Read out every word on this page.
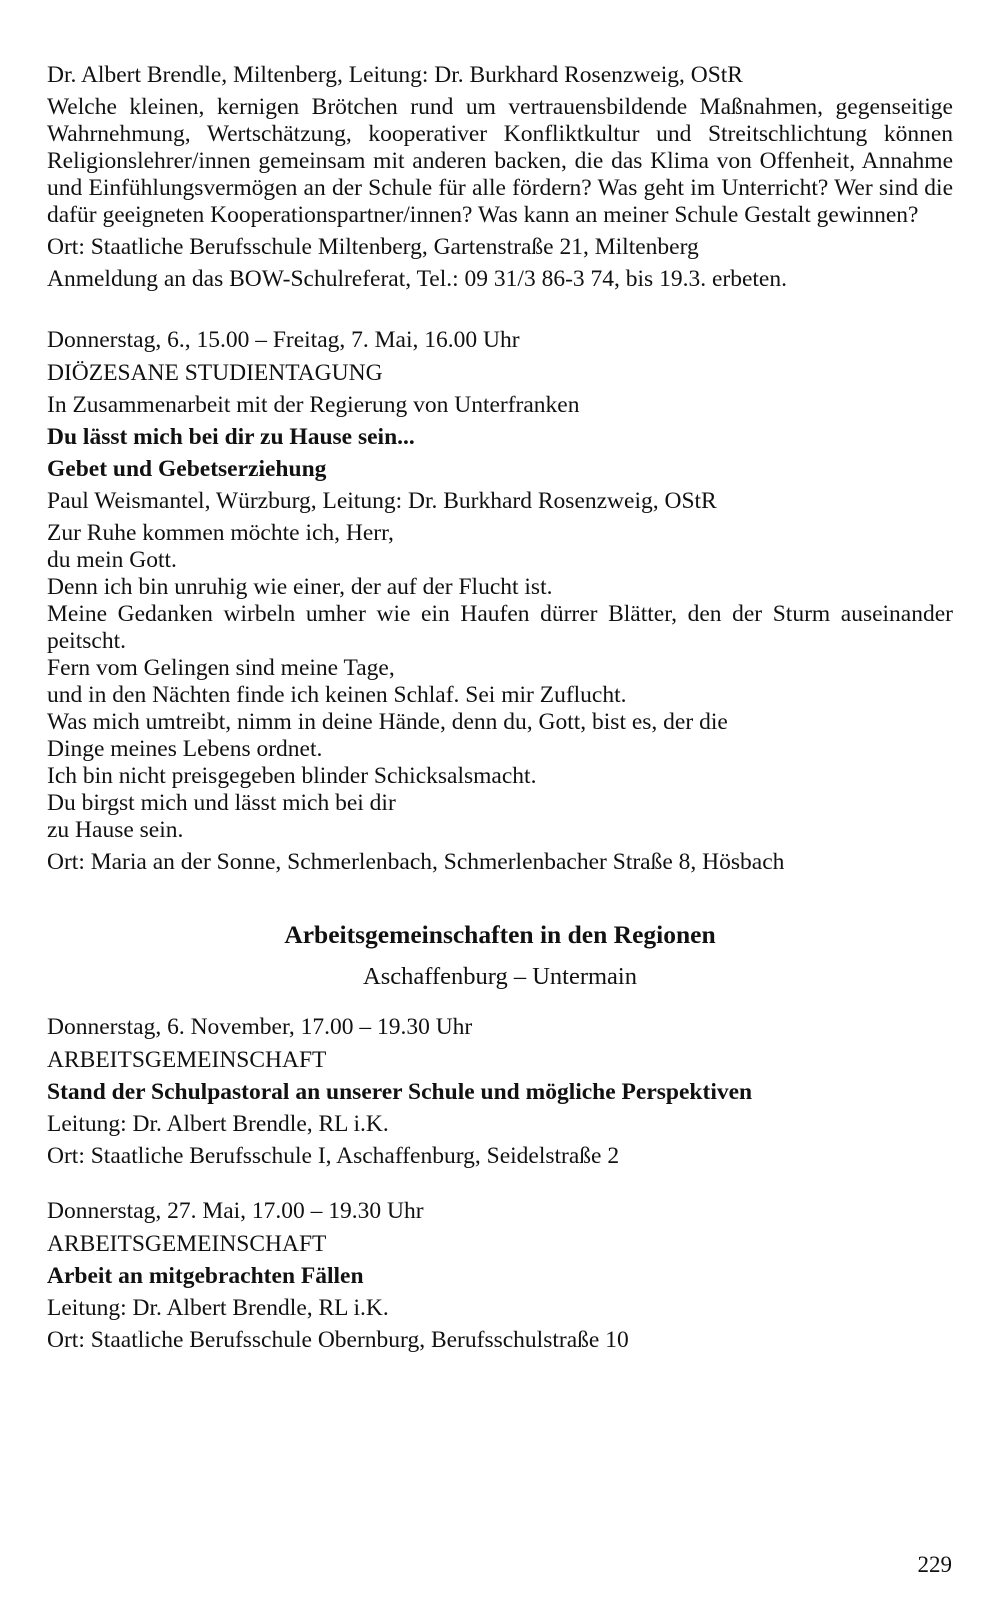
Dr. Albert Brendle, Miltenberg, Leitung: Dr. Burkhard Rosenzweig, OStR

Welche kleinen, kernigen Brötchen rund um vertrauensbildende Maßnahmen, gegenseitige Wahrnehmung, Wertschätzung, kooperativer Konfliktkultur und Streitschlichtung können Religionslehrer/innen gemeinsam mit anderen backen, die das Klima von Offenheit, Annahme und Einfühlungsvermögen an der Schule für alle fördern? Was geht im Unterricht? Wer sind die dafür geeigneten Kooperationspartner/innen? Was kann an meiner Schule Gestalt gewinnen?

Ort: Staatliche Berufsschule Miltenberg, Gartenstraße 21, Miltenberg

Anmeldung an das BOW-Schulreferat, Tel.: 09 31/3 86-3 74, bis 19.3. erbeten.

Donnerstag, 6., 15.00 – Freitag, 7. Mai, 16.00 Uhr

DIÖZESANE STUDIENTAGUNG

In Zusammenarbeit mit der Regierung von Unterfranken

Du lässt mich bei dir zu Hause sein...

Gebet und Gebetserziehung

Paul Weismantel, Würzburg, Leitung: Dr. Burkhard Rosenzweig, OStR

Zur Ruhe kommen möchte ich, Herr,
du mein Gott.
Denn ich bin unruhig wie einer, der auf der Flucht ist.
Meine Gedanken wirbeln umher wie ein Haufen dürrer Blätter, den der Sturm auseinander peitscht.
Fern vom Gelingen sind meine Tage,
und in den Nächten finde ich keinen Schlaf. Sei mir Zuflucht.
Was mich umtreibt, nimm in deine Hände, denn du, Gott, bist es, der die
Dinge meines Lebens ordnet.
Ich bin nicht preisgegeben blinder Schicksalsmacht.
Du birgst mich und lässt mich bei dir
zu Hause sein.

Ort: Maria an der Sonne, Schmerlenbach, Schmerlenbacher Straße 8, Hösbach

Arbeitsgemeinschaften in den Regionen

Aschaffenburg – Untermain

Donnerstag, 6. November, 17.00 – 19.30 Uhr

ARBEITSGEMEINSCHAFT

Stand der Schulpastoral an unserer Schule und mögliche Perspektiven

Leitung: Dr. Albert Brendle, RL i.K.

Ort: Staatliche Berufsschule I, Aschaffenburg, Seidelstraße 2

Donnerstag, 27. Mai, 17.00 – 19.30 Uhr

ARBEITSGEMEINSCHAFT

Arbeit an mitgebrachten Fällen

Leitung: Dr. Albert Brendle, RL i.K.

Ort: Staatliche Berufsschule Obernburg, Berufsschulstraße 10

229
